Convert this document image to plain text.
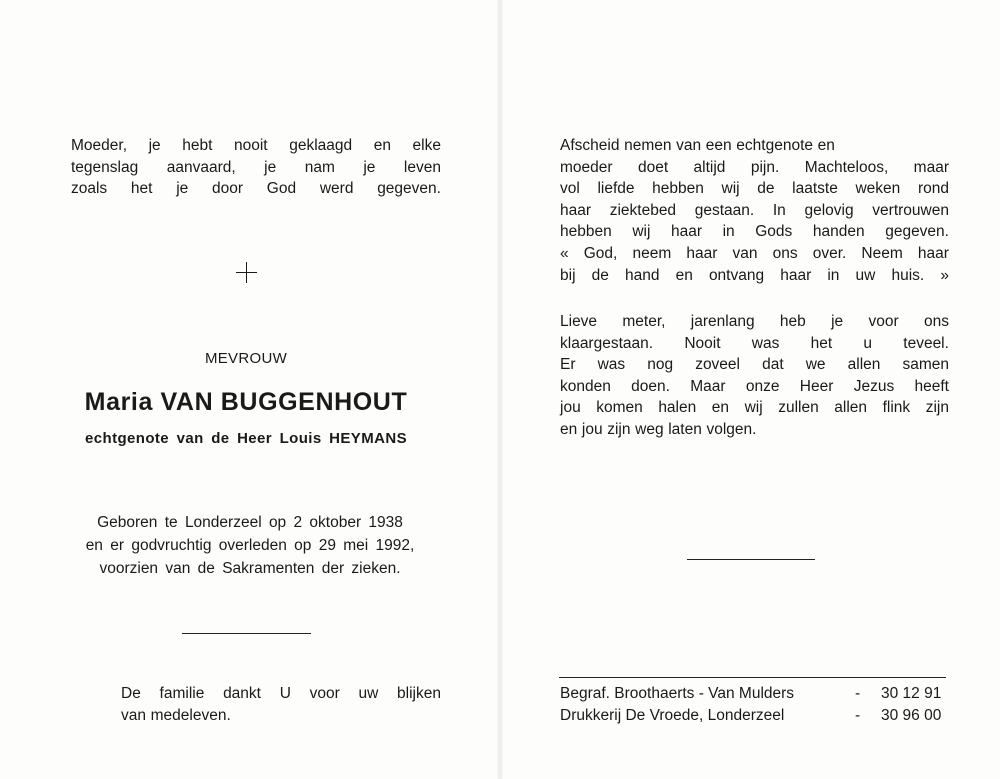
Moeder, je hebt nooit geklaagd en elke
tegenslag aanvaard, je nam je leven
zoals het je door God werd gegeven.
MEVROUW
Maria VAN BUGGENHOUT
echtgenote van de Heer Louis HEYMANS
Geboren te Londerzeel op 2 oktober 1938
en er godvruchtig overleden op 29 mei 1992,
voorzien van de Sakramenten der zieken.
De familie dankt U voor uw blijken
van medeleven.
Afscheid nemen van een echtgenote en
moeder doet altijd pijn. Machteloos, maar
vol liefde hebben wij de laatste weken rond
haar ziektebed gestaan. In gelovig vertrouwen
hebben wij haar in Gods handen gegeven.
« God, neem haar van ons over. Neem haar
bij de hand en ontvang haar in uw huis. »
Lieve meter, jarenlang heb je voor ons
klaargestaan. Nooit was het u teveel.
Er was nog zoveel dat we allen samen
konden doen. Maar onze Heer Jezus heeft
jou komen halen en wij zullen allen flink zijn
en jou zijn weg laten volgen.
Begraf. Broothaerts - Van Mulders	- 30 12 91
Drukkerij De Vroede, Londerzeel	- 30 96 00
